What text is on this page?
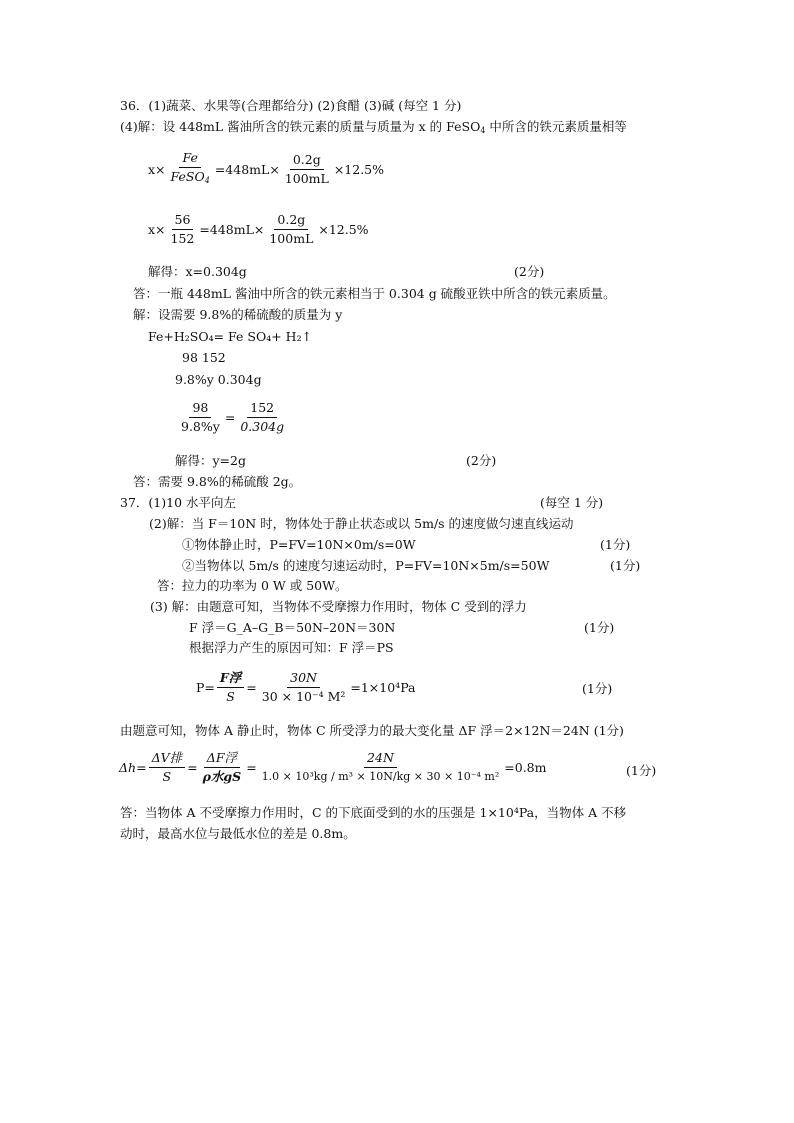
36．(1)蔬菜、水果等(合理都给分) (2)食醋 (3)碱 (每空 1 分)
(4)解：设 448mL 酱油所含的铁元素的质量与质量为 x 的 FeSO$_4$ 中所含的铁元素质量相等
$x\times \frac{Fe}{FeSO_4} =448mL\times \frac{0.2g}{100mL} \times 12.5\%$
$x\times \frac{56}{152} =448mL\times \frac{0.2g}{100mL} \times 12.5\%$
解得：x=0.304g	(2分)
答：一瓶 448mL 酱油中所含的铁元素相当于 0.304 g 硫酸亚铁中所含的铁元素质量。
解：设需要 9.8%的稀硫酸的质量为 y
Fe+H₂SO₄= Fe SO₄+ H₂↑
98 152
9.8%y 0.304g
$\frac{98}{9.8\%y} = \frac{152}{0.304g}$
解得：y=2g	(2分)
答：需要 9.8%的稀硫酸 2g。
37．(1)10 水平向左	(每空 1 分)
(2)解：当 F＝10N 时，物体处于静止状态或以 5m/s 的速度做匀速直线运动
①物体静止时，P=FV=10N×0m/s=0W	(1分)
②当物体以 5m/s 的速度匀速运动时，P=FV=10N×5m/s=50W	(1分)
答：拉力的功率为 0 W 或 50W。
(3) 解：由题意可知，当物体不受摩擦力作用时，物体 C 受到的浮力
F 浮＝G_A–G_B＝50N–20N＝30N	(1分)
根据浮力产生的原因可知：F 浮＝PS
$P= \frac{\text{F浮}}{S} = \frac{30N}{\text{30 × 10⁻⁴ M²}} =1\times 10^4Pa$	(1分)
由题意可知，物体 A 静止时，物体 C 所受浮力的最大变化量 ΔF 浮＝2×12N＝24N (1分)
$\Delta h= \frac{\text{ΔV排}}{S} = \frac{\text{ΔF浮}}{\text{ρ水gS}} = \frac{24N}{\text{1.0 × 10³kg / m³ × 10N/kg × 30 × 10⁻⁴ m²}} =0.8m$	(1分)
答：当物体 A 不受摩擦力作用时，C 的下底面受到的水的压强是 1×10⁴Pa，当物体 A 不移
动时，最高水位与最低水位的差是 0.8m。
